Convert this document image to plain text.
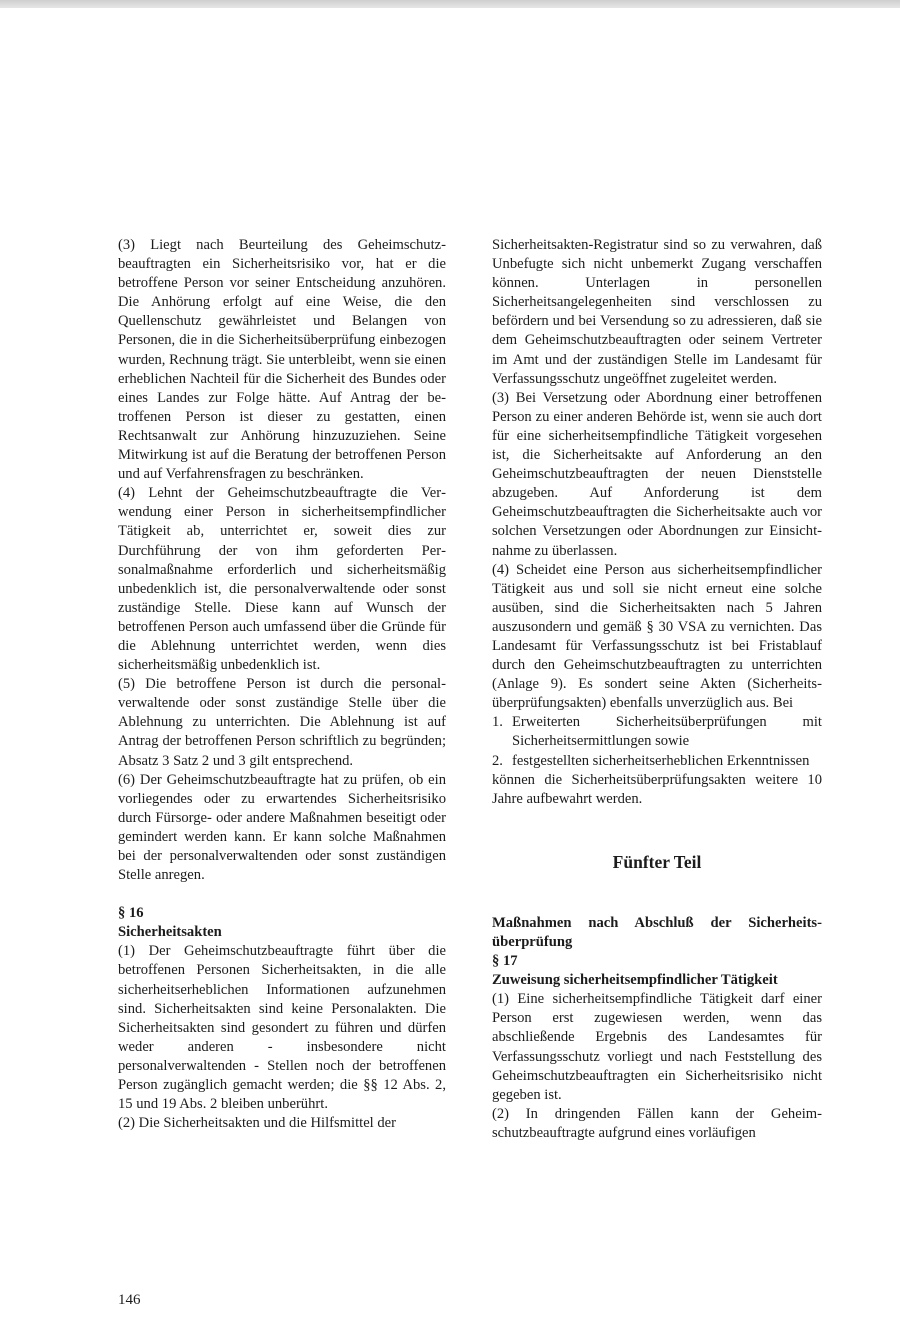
(3) Liegt nach Beurteilung des Geheimschutzbeauftragten ein Sicherheitsrisiko vor, hat er die betroffene Person vor seiner Entscheidung anzuhören. Die Anhörung erfolgt auf eine Weise, die den Quellenschutz gewährleistet und Belangen von Personen, die in die Sicherheitsüberprüfung einbezogen wurden, Rechnung trägt. Sie unterbleibt, wenn sie einen erheblichen Nachteil für die Sicherheit des Bundes oder eines Landes zur Folge hätte. Auf Antrag der betroffenen Person ist dieser zu gestatten, einen Rechtsanwalt zur Anhörung hinzuzuziehen. Seine Mitwirkung ist auf die Beratung der betroffenen Person und auf Verfahrensfragen zu beschränken.

(4) Lehnt der Geheimschutzbeauftragte die Verwendung einer Person in sicherheitsempfindlicher Tätigkeit ab, unterrichtet er, soweit dies zur Durchführung der von ihm geforderten Personalmaßnahme erforderlich und sicherheitsmäßig unbedenklich ist, die personalverwaltende oder sonst zuständige Stelle. Diese kann auf Wunsch der betroffenen Person auch umfassend über die Gründe für die Ablehnung unterrichtet werden, wenn dies sicherheitsmäßig unbedenklich ist.

(5) Die betroffene Person ist durch die personalverwaltende oder sonst zuständige Stelle über die Ablehnung zu unterrichten. Die Ablehnung ist auf Antrag der betroffenen Person schriftlich zu begründen; Absatz 3 Satz 2 und 3 gilt entsprechend.

(6) Der Geheimschutzbeauftragte hat zu prüfen, ob ein vorliegendes oder zu erwartendes Sicherheitsrisiko durch Fürsorge- oder andere Maßnahmen beseitigt oder gemindert werden kann. Er kann solche Maßnahmen bei der personalverwaltenden oder sonst zuständigen Stelle anregen.

§ 16

Sicherheitsakten

(1) Der Geheimschutzbeauftragte führt über die betroffenen Personen Sicherheitsakten, in die alle sicherheitserheblichen Informationen aufzunehmen sind. Sicherheitsakten sind keine Personalakten. Die Sicherheitsakten sind gesondert zu führen und dürfen weder anderen - insbesondere nicht personalverwaltenden - Stellen noch der betroffenen Person zugänglich gemacht werden; die §§ 12 Abs. 2, 15 und 19 Abs. 2 bleiben unberührt.

(2) Die Sicherheitsakten und die Hilfsmittel der

Sicherheitsakten-Registratur sind so zu verwahren, daß Unbefugte sich nicht unbemerkt Zugang verschaffen können. Unterlagen in personellen Sicherheitsangelegenheiten sind verschlossen zu befördern und bei Versendung so zu adressieren, daß sie dem Geheimschutzbeauftragten oder seinem Vertreter im Amt und der zuständigen Stelle im Landesamt für Verfassungsschutz ungeöffnet zugeleitet werden.

(3) Bei Versetzung oder Abordnung einer betroffenen Person zu einer anderen Behörde ist, wenn sie auch dort für eine sicherheitsempfindliche Tätigkeit vorgesehen ist, die Sicherheitsakte auf Anforderung an den Geheimschutzbeauftragten der neuen Dienststelle abzugeben. Auf Anforderung ist dem Geheimschutzbeauftragten die Sicherheitsakte auch vor solchen Versetzungen oder Abordnungen zur Einsichtnahme zu überlassen.

(4) Scheidet eine Person aus sicherheitsempfindlicher Tätigkeit aus und soll sie nicht erneut eine solche ausüben, sind die Sicherheitsakten nach 5 Jahren auszusondern und gemäß § 30 VSA zu vernichten. Das Landesamt für Verfassungsschutz ist bei Fristablauf durch den Geheimschutzbeauftragten zu unterrichten (Anlage 9). Es sondert seine Akten (Sicherheitsüberprüfungsakten) ebenfalls unverzüglich aus. Bei

1. Erweiterten Sicherheitsüberprüfungen mit Sicherheitsermittlungen sowie
2. festgestellten sicherheitserheblichen Erkenntnissen

können die Sicherheitsüberprüfungsakten weitere 10 Jahre aufbewahrt werden.

Fünfter Teil

Maßnahmen nach Abschluß der Sicherheitsüberprüfung

§ 17

Zuweisung sicherheitsempfindlicher Tätigkeit

(1) Eine sicherheitsempfindliche Tätigkeit darf einer Person erst zugewiesen werden, wenn das abschließende Ergebnis des Landesamtes für Verfassungsschutz vorliegt und nach Feststellung des Geheimschutzbeauftragten ein Sicherheitsrisiko nicht gegeben ist.

(2) In dringenden Fällen kann der Geheimschutzbeauftragte aufgrund eines vorläufigen

146
